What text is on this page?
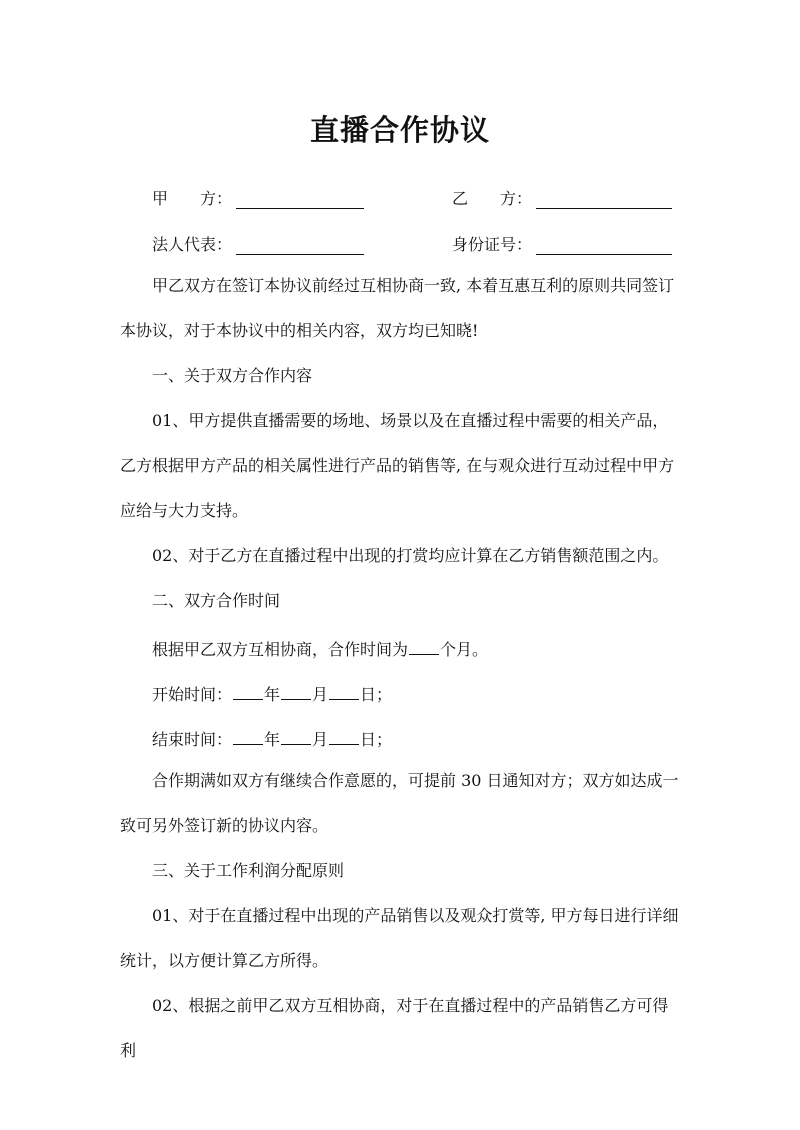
直播合作协议
甲　　方：	乙　　方：
法人代表：	身份证号：

甲乙双方在签订本协议前经过互相协商一致, 本着互惠互利的原则共同签订本协议，对于本协议中的相关内容，双方均已知晓!

一、关于双方合作内容

01、甲方提供直播需要的场地、场景以及在直播过程中需要的相关产品，乙方根据甲方产品的相关属性进行产品的销售等, 在与观众进行互动过程中甲方应给与大力支持。

02、对于乙方在直播过程中出现的打赏均应计算在乙方销售额范围之内。

二、双方合作时间

根据甲乙双方互相协商，合作时间为 个月。
开始时间： 年 月 日；
结束时间： 年 月 日；

合作期满如双方有继续合作意愿的，可提前 30 日通知对方；双方如达成一致可另外签订新的协议内容。

三、关于工作利润分配原则

01、对于在直播过程中出现的产品销售以及观众打赏等, 甲方每日进行详细统计，以方便计算乙方所得。

02、根据之前甲乙双方互相协商，对于在直播过程中的产品销售乙方可得利
